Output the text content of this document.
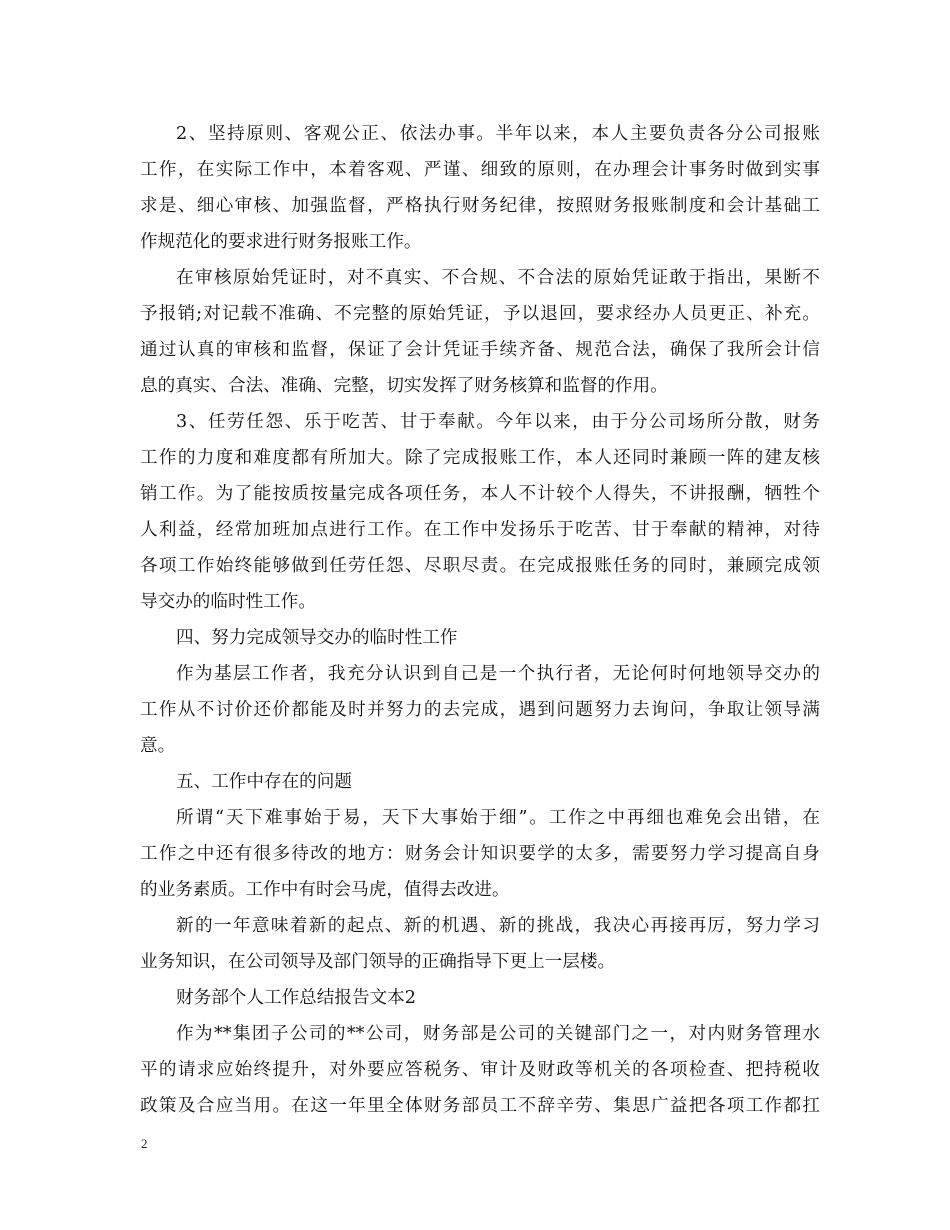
2、坚持原则、客观公正、依法办事。半年以来，本人主要负责各分公司报账
工作，在实际工作中，本着客观、严谨、细致的原则，在办理会计事务时做到实事
求是、细心审核、加强监督，严格执行财务纪律，按照财务报账制度和会计基础工
作规范化的要求进行财务报账工作。
在审核原始凭证时，对不真实、不合规、不合法的原始凭证敢于指出，果断不
予报销;对记载不准确、不完整的原始凭证，予以退回，要求经办人员更正、补充。
通过认真的审核和监督，保证了会计凭证手续齐备、规范合法，确保了我所会计信
息的真实、合法、准确、完整，切实发挥了财务核算和监督的作用。
3、任劳任怨、乐于吃苦、甘于奉献。今年以来，由于分公司场所分散，财务
工作的力度和难度都有所加大。除了完成报账工作，本人还同时兼顾一阵的建友核
销工作。为了能按质按量完成各项任务，本人不计较个人得失，不讲报酬，牺牲个
人利益，经常加班加点进行工作。在工作中发扬乐于吃苦、甘于奉献的精神，对待
各项工作始终能够做到任劳任怨、尽职尽责。在完成报账任务的同时，兼顾完成领
导交办的临时性工作。
四、努力完成领导交办的临时性工作
作为基层工作者，我充分认识到自己是一个执行者，无论何时何地领导交办的
工作从不讨价还价都能及时并努力的去完成，遇到问题努力去询问，争取让领导满
意。
五、工作中存在的问题
所谓“天下难事始于易，天下大事始于细”。工作之中再细也难免会出错，在
工作之中还有很多待改的地方：财务会计知识要学的太多，需要努力学习提高自身
的业务素质。工作中有时会马虎，值得去改进。
新的一年意味着新的起点、新的机遇、新的挑战，我决心再接再厉，努力学习
业务知识，在公司领导及部门领导的正确指导下更上一层楼。
财务部个人工作总结报告文本2
作为**集团子公司的**公司，财务部是公司的关键部门之一，对内财务管理水
平的请求应始终提升，对外要应答税务、审计及财政等机关的各项检查、把持税收
政策及合应当用。在这一年里全体财务部员工不辞辛劳、集思广益把各项工作都扛
2
